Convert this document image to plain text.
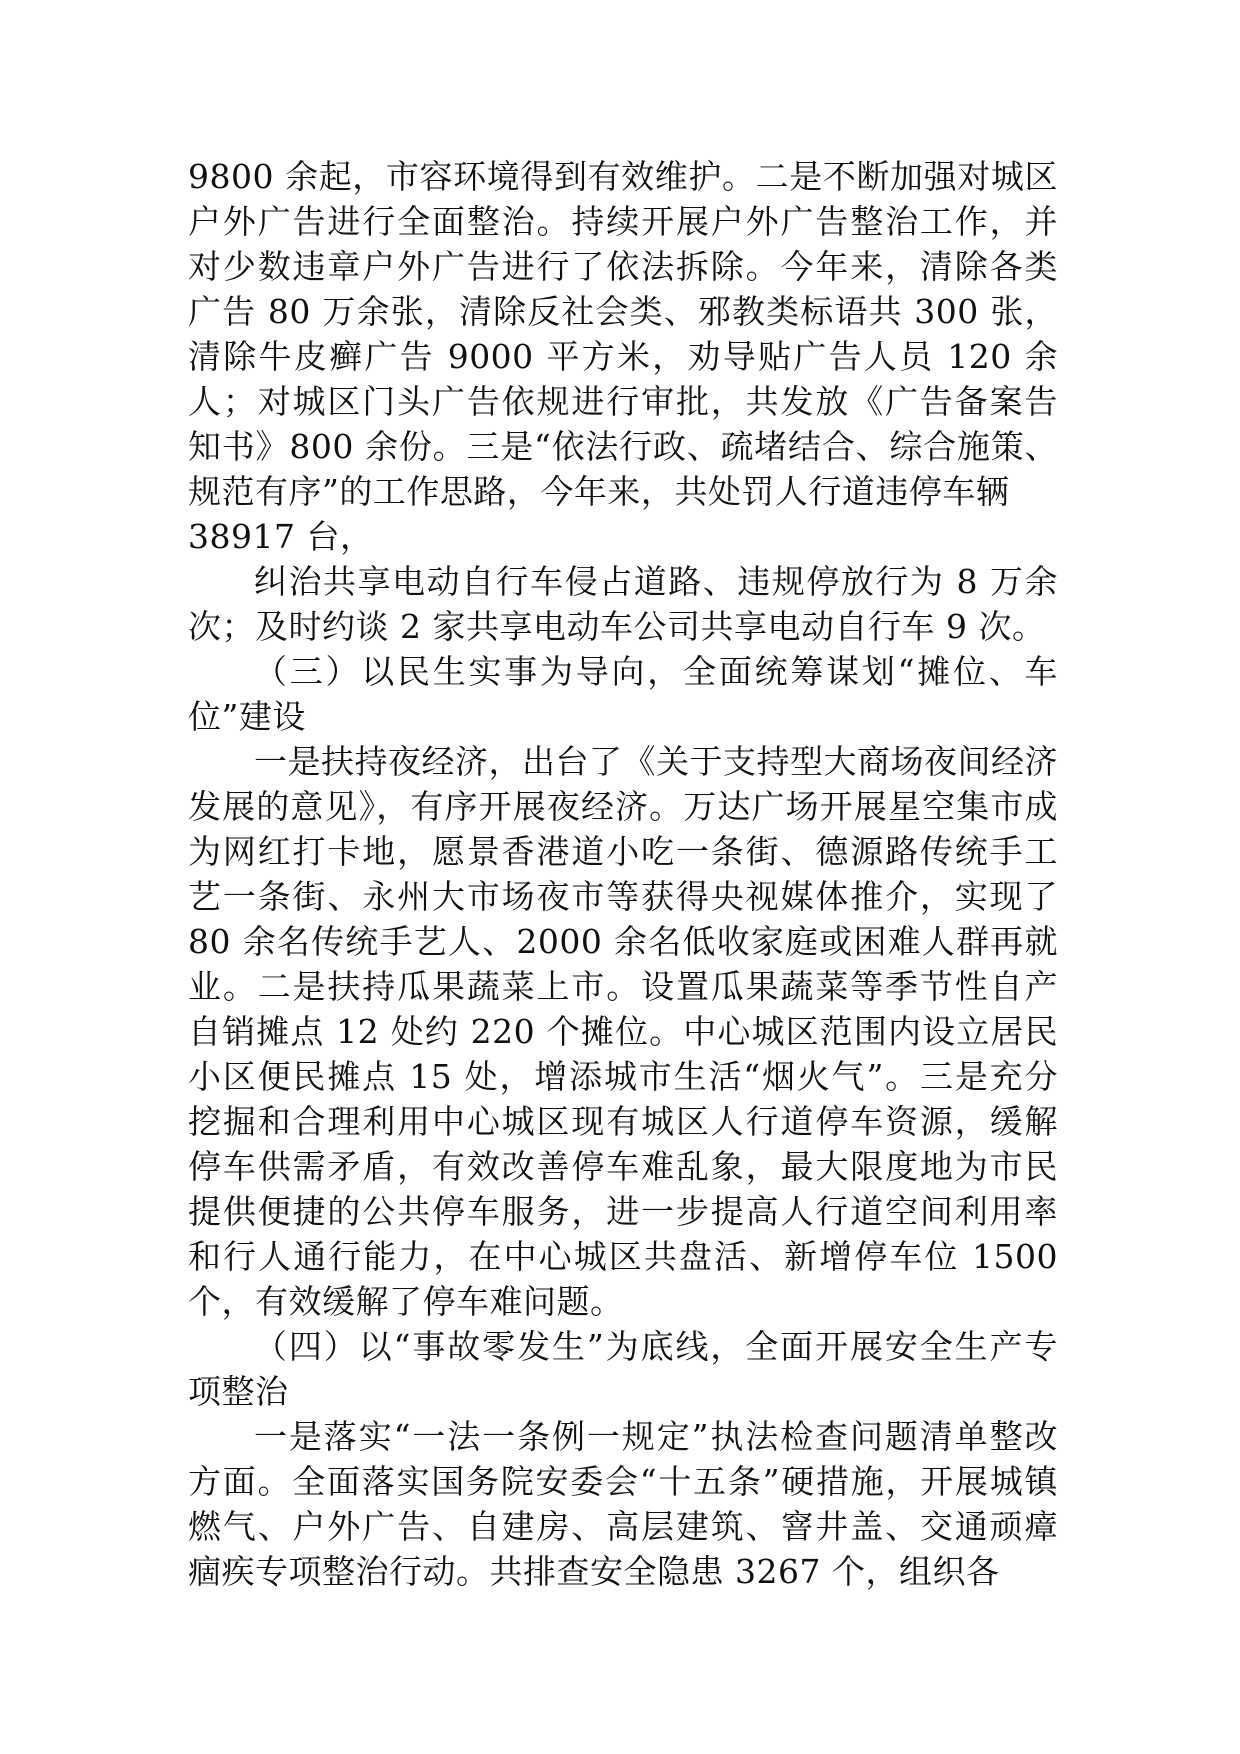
9800 余起，市容环境得到有效维护。二是不断加强对城区户外广告进行全面整治。持续开展户外广告整治工作，并对少数违章户外广告进行了依法拆除。今年来，清除各类广告 80 万余张，清除反社会类、邪教类标语共 300 张，清除牛皮癣广告 9000 平方米，劝导贴广告人员 120 余人；对城区门头广告依规进行审批，共发放《广告备案告知书》800 余份。三是“依法行政、疏堵结合、综合施策、规范有序”的工作思路，今年来，共处罚人行道违停车辆

38917 台，

纠治共享电动自行车侵占道路、违规停放行为 8 万余次；及时约谈 2 家共享电动车公司共享电动自行车 9 次。

（三）以民生实事为导向，全面统筹谋划“摊位、车位”建设

一是扶持夜经济，出台了《关于支持型大商场夜间经济发展的意见》，有序开展夜经济。万达广场开展星空集市成为网红打卡地，愿景香港道小吃一条街、德源路传统手工艺一条街、永州大市场夜市等获得央视媒体推介，实现了 80 余名传统手艺人、2000 余名低收家庭或困难人群再就业。二是扶持瓜果蔬菜上市。设置瓜果蔬菜等季节性自产自销摊点 12 处约 220 个摊位。中心城区范围内设立居民小区便民摊点 15 处，增添城市生活“烟火气”。三是充分挖掘和合理利用中心城区现有城区人行道停车资源，缓解停车供需矛盾，有效改善停车难乱象，最大限度地为市民提供便捷的公共停车服务，进一步提高人行道空间利用率和行人通行能力，在中心城区共盘活、新增停车位 1500 个，有效缓解了停车难问题。

（四）以“事故零发生”为底线，全面开展安全生产专项整治

一是落实“一法一条例一规定”执法检查问题清单整改方面。全面落实国务院安委会“十五条”硬措施，开展城镇燃气、户外广告、自建房、高层建筑、窨井盖、交通顽瘴痼疾专项整治行动。共排查安全隐患 3267 个，组织各
